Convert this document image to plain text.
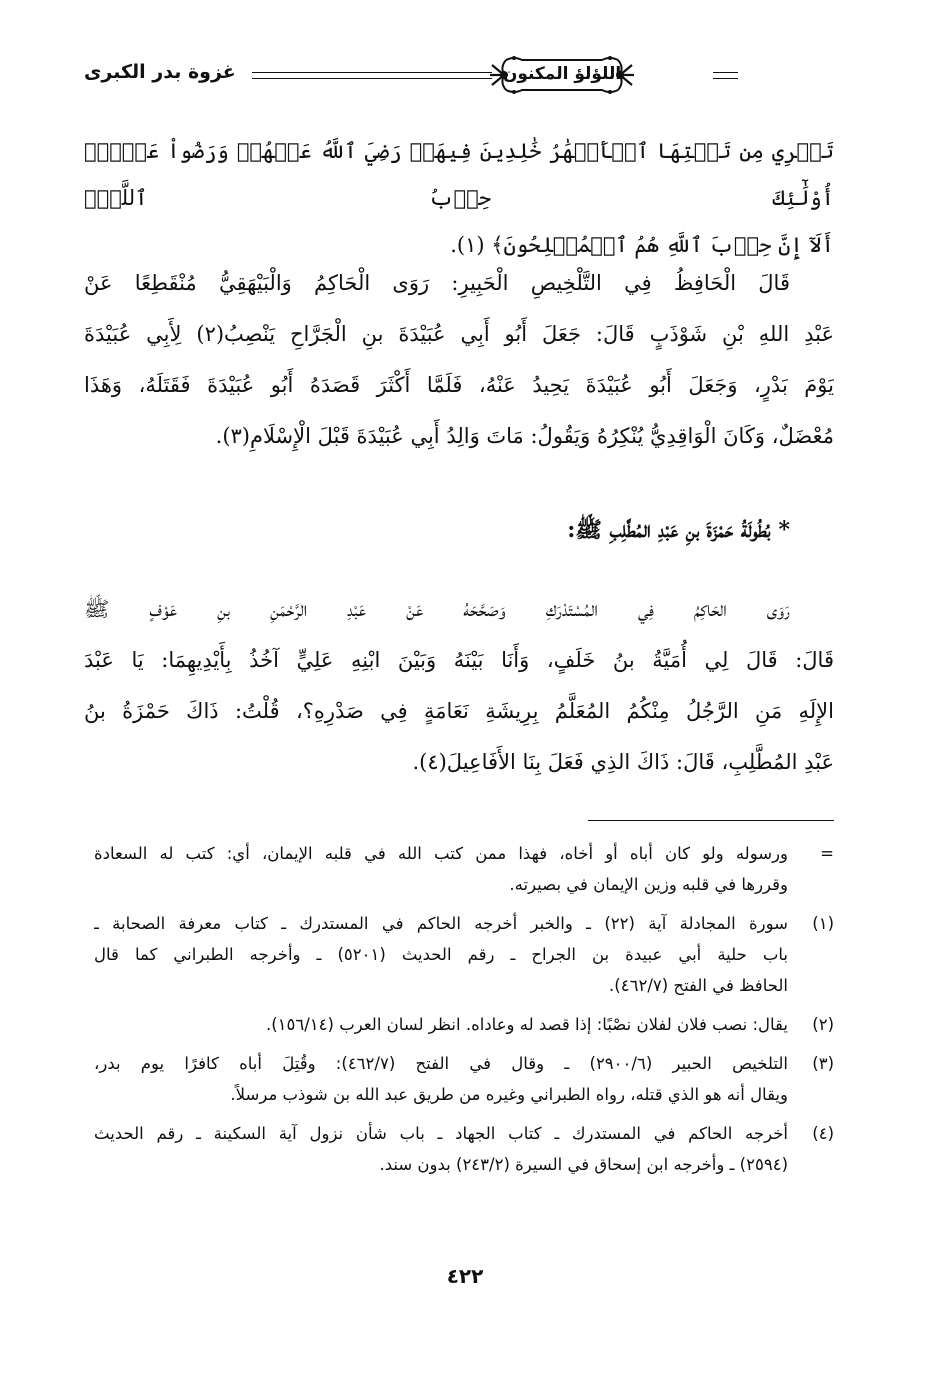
غزوة بدر الكبرى	اللؤلؤ المكنون
تَجۡرِي مِن تَحۡتِهَا ٱلۡأَنۡهَٰرُ خَٰلِدِينَ فِيهَاۚ رَضِيَ ٱللَّهُ عَنۡهُمۡ وَرَضُواْ عَنۡهُۚ أُوْلَٰٓئِكَ حِزۡبُ ٱللَّهِۚ
أَلَآ إِنَّ حِزۡبَ ٱللَّهِ هُمُ ٱلۡمُفۡلِحُونَ﴾ (١).
قَالَ الْحَافِظُ فِي التَّلْخِيصِ الْحَبِيرِ: رَوَى الْحَاكِمُ وَالْبَيْهَقِيُّ مُنْقَطِعًا عَنْ
عَبْدِ اللهِ بْنِ شَوْذَبٍ قَالَ: جَعَلَ أَبُو أَبِي عُبَيْدَةَ بنِ الْجَرَّاحِ يَنْصِبُ(٢) لِأَبِي عُبَيْدَةَ
يَوْمَ بَدْرٍ، وَجَعَلَ أَبُو عُبَيْدَةَ يَحِيدُ عَنْهُ، فَلَمَّا أَكْثَرَ قَصَدَهُ أَبُو عُبَيْدَةَ فَقَتَلَهُ، وَهَذَا
مُعْضَلٌ، وَكَانَ الْوَاقِدِيُّ يُنْكِرُهُ وَيَقُولُ: مَاتَ وَالِدُ أَبِي عُبَيْدَةَ قَبْلَ الْإِسْلَامِ(٣).
*بُطُولَةُ حَمْزَةَ بنِ عَبْدِ المُطَّلِبِ ﷺ:
رَوَى الحَاكِمُ فِي المُسْتَدْرَكِ وَصَحَّحَهُ عَنْ عَبْدِ الرَّحْمَنِ بنِ عَوْفٍ ﷺ
قَالَ: قَالَ لِي أُمَيَّةُ بنُ خَلَفٍ، وَأَنَا بَيْنَهُ وَبَيْنَ ابْنِهِ عَلِيٍّ آخُذُ بِأَيْدِيهِمَا: يَا عَبْدَ
الإِلَهِ مَنِ الرَّجُلُ مِنْكُمُ المُعَلَّمُ بِرِيشَةِ نَعَامَةٍ فِي صَدْرِهِ؟، قُلْتُ: ذَاكَ حَمْزَةُ بنُ
عَبْدِ المُطَّلِبِ، قَالَ: ذَاكَ الذِي فَعَلَ بِنَا الأَفَاعِيلَ(٤).
=
ورسوله ولو كان أباه أو أخاه، فهذا ممن كتب الله في قلبه الإيمان، أي: كتب له السعادة
وقررها في قلبه وزين الإيمان في بصيرته.
(١)
سورة المجادلة آية (٢٢) ـ والخبر أخرجه الحاكم في المستدرك ـ كتاب معرفة الصحابة ـ
باب حلية أبي عبيدة بن الجراح ـ رقم الحديث (٥٢٠١) ـ وأخرجه الطبراني كما قال
الحافظ في الفتح (٤٦٢/٧).
(٢)
يقال: نصب فلان لفلان نصْبًا: إذا قصد له وعاداه. انظر لسان العرب (١٥٦/١٤).
(٣)
التلخيص الحبير (٢٩٠٠/٦) ـ وقال في الفتح (٤٦٢/٧): وقُتِلَ أباه كافرًا يوم بدر،
ويقال أنه هو الذي قتله، رواه الطبراني وغيره من طريق عبد الله بن شوذب مرسلاً.
(٤)
أخرجه الحاكم في المستدرك ـ كتاب الجهاد ـ باب شأن نزول آية السكينة ـ رقم الحديث
(٢٥٩٤) ـ وأخرجه ابن إسحاق في السيرة (٢٤٣/٢) بدون سند.
٤٢٢
